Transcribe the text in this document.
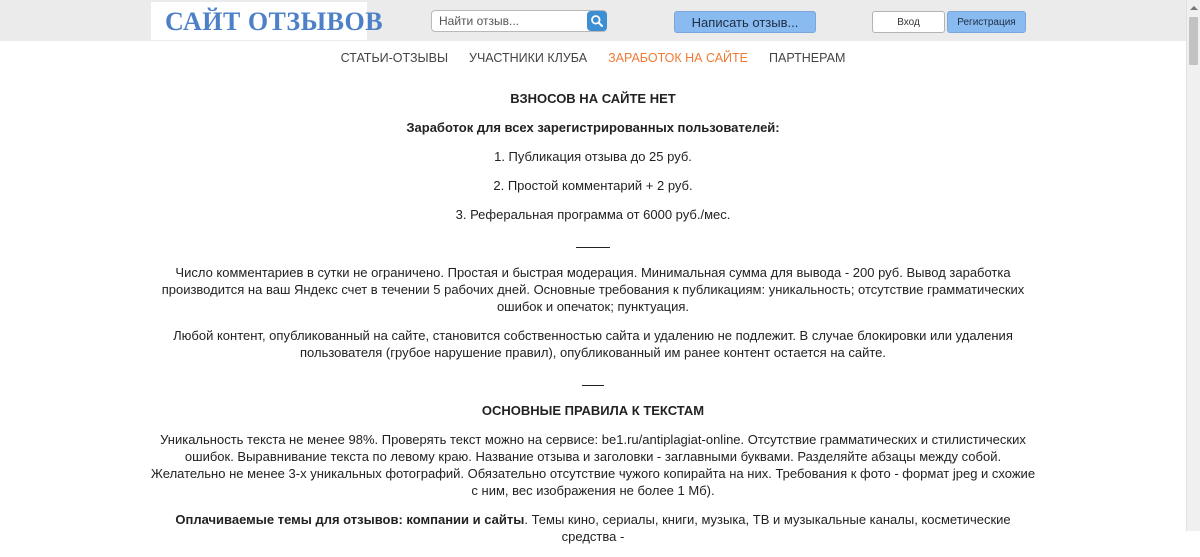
САЙТ ОТЗЫВОВ
Найти отзыв...	Написать отзыв...	Вход	Регистрация
СТАТЬИ-ОТЗЫВЫ УЧАСТНИКИ КЛУБА ЗАРАБОТОК НА САЙТЕ ПАРТНЕРАМ

ВЗНОСОВ НА САЙТЕ НЕТ

Заработок для всех зарегистрированных пользователей:

1. Публикация отзыва до 25 руб.

2. Простой комментарий + 2 руб.

3. Реферальная программа от 6000 руб./мес.

Число комментариев в сутки не ограничено. Простая и быстрая модерация. Минимальная сумма для вывода - 200 руб. Вывод заработка производится на ваш Яндекс счет в течении 5 рабочих дней. Основные требования к публикациям: уникальность; отсутствие грамматических ошибок и опечаток; пунктуация.

Любой контент, опубликованный на сайте, становится собственностью сайта и удалению не подлежит. В случае блокировки или удаления пользователя (грубое нарушение правил), опубликованный им ранее контент остается на сайте.

ОСНОВНЫЕ ПРАВИЛА К ТЕКСТАМ

Уникальность текста не менее 98%. Проверять текст можно на сервисе: be1.ru/antiplagiat-online. Отсутствие грамматических и стилистических ошибок. Выравнивание текста по левому краю. Название отзыва и заголовки - заглавными буквами. Разделяйте абзацы между собой. Желательно не менее 3-х уникальных фотографий. Обязательно отсутствие чужого копирайта на них. Требования к фото - формат jpeg и схожие с ним, вес изображения не более 1 Мб).

Оплачиваемые темы для отзывов: компании и сайты. Темы кино, сериалы, книги, музыка, ТВ и музыкальные каналы, косметические средства -
